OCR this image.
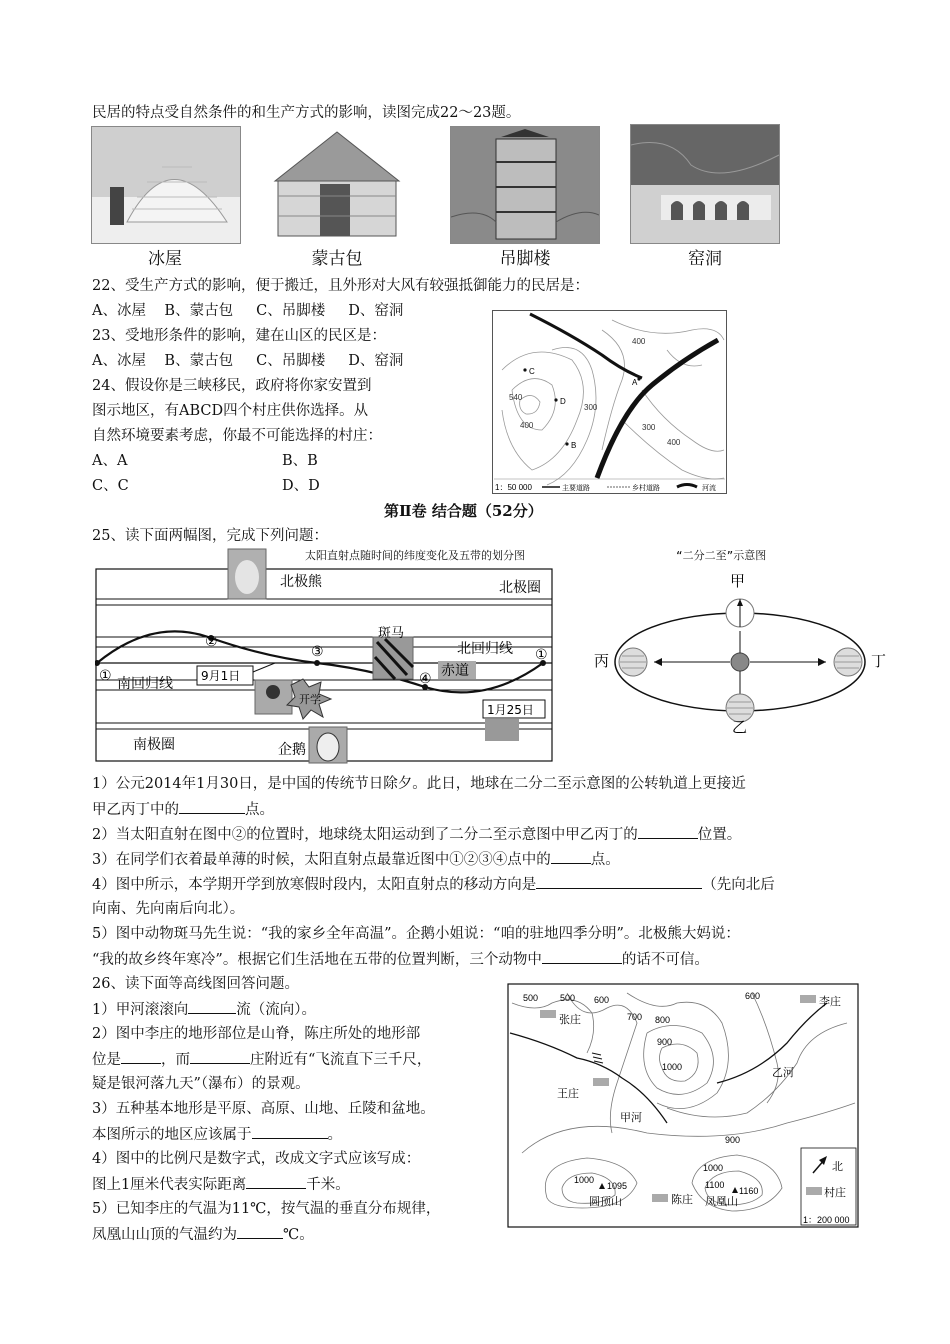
民居的特点受自然条件的和生产方式的影响，读图完成22～23题。
冰屋	蒙古包	吊脚楼	窑洞
22、受生产方式的影响，便于搬迁，且外形对大风有较强抵御能力的民居是：
A、冰屋    B、蒙古包     C、吊脚楼     D、窑洞
23、受地形条件的影响，建在山区的民区是：
A、冰屋    B、蒙古包     C、吊脚楼     D、窑洞
24、假设你是三峡移民，政府将你家安置到
图示地区，有ABCD四个村庄供你选择。从
自然环境要素考虑，你最不可能选择的村庄：
A、A	B、B
C、C	D、D
400
540
400
300
300
400
C
D
B
A
1：50 000	主要道路	乡村道路	河流
第Ⅱ卷 结合题（52分）
25、读下面两幅图，完成下列问题：
太阳直射点随时间的纬度变化及五带的划分图	“二分二至”示意图
①
②
③
④
①
北极熊	北极圈
斑马
北回归线
赤道
南回归线 9月1日
开学
1月25日
南极圈	企鹅
甲
乙
丙	丁
1）公元2014年1月30日，是中国的传统节日除夕。此日，地球在二分二至示意图的公转轨道上更接近
甲乙丙丁中的	点。
2）当太阳直射在图中②的位置时，地球绕太阳运动到了二分二至示意图中甲乙丙丁的	位置。
3）在同学们衣着最单薄的时候，太阳直射点最靠近图中①②③④点中的	点。
4）图中所示，本学期开学到放寒假时段内，太阳直射点的移动方向是	（先向北后
向南、先向南后向北）。
5）图中动物斑马先生说：“我的家乡全年高温”。企鹅小姐说：“咱的驻地四季分明”。北极熊大妈说：
“我的故乡终年寒冷”。根据它们生活地在五带的位置判断，三个动物中	的话不可信。
26、读下面等高线图回答问题。
1）甲河滚滚向	流（流向）。
2）图中李庄的地形部位是山脊，陈庄所处的地形部
位是	，而	庄附近有“飞流直下三千尺，
疑是银河落九天”（瀑布）的景观。
3）五种基本地形是平原、高原、山地、丘陵和盆地。
本图所示的地区应该属于	。
4）图中的比例尺是数字式，改成文字式应该写成：
图上1厘米代表实际距离	千米。
5）已知李庄的气温为11℃，按气温的垂直分布规律，
凤凰山山顶的气温约为	℃。
500 500 600	600
700 800
900
1000
900
1000
1000
1100
1095	1160
张庄
王庄
李庄
陈庄
甲河
乙河
圆顶山	凤凰山
北
村庄
1：200 000
